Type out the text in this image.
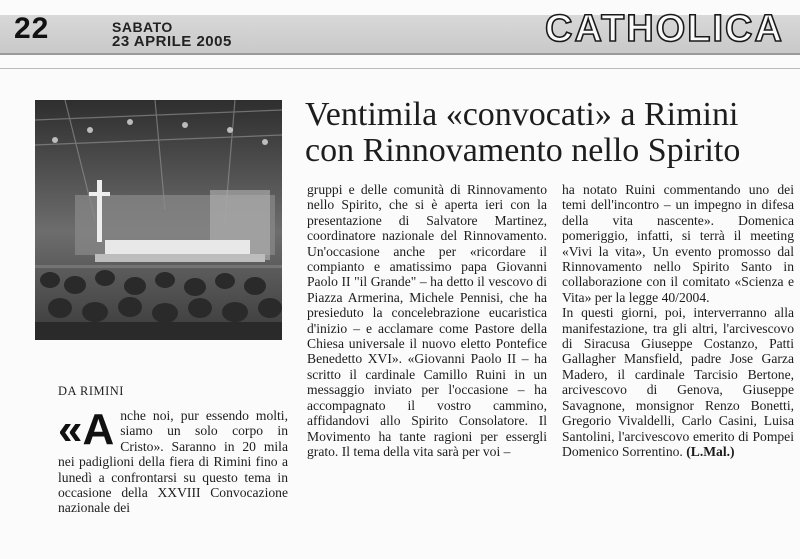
22	SABATO
23 APRILE 2005	CATHOLICA
DA RIMINI
Ventimila «convocati» a Rimini
con Rinnovamento nello Spirito
«Anche noi, pur essendo molti, siamo un solo corpo in Cristo». Saranno in 20 mila nei padiglioni della fiera di Rimini fino a lunedì a confrontarsi su questo tema in occasione della XXVIII Convocazione nazionale dei
gruppi e delle comunità di Rinnovamento nello Spirito, che si è aperta ieri con la presentazione di Salvatore Martinez, coordinatore nazionale del Rinnovamento. Un'occasione anche per «ricordare il compianto e amatissimo papa Giovanni Paolo II "il Grande" – ha detto il vescovo di Piazza Armerina, Michele Pennisi, che ha presieduto la concelebrazione eucaristica d'inizio – e acclamare come Pastore della Chiesa universale il nuovo eletto Pontefice Benedetto XVI». «Giovanni Paolo II – ha scritto il cardinale Camillo Ruini in un messaggio inviato per l'occasione – ha accompagnato il vostro cammino, affidandovi allo Spirito Consolatore. Il Movimento ha tante ragioni per essergli grato. Il tema della vita sarà per voi –
ha notato Ruini commentando uno dei temi dell'incontro – un impegno in difesa della vita nascente». Domenica pomeriggio, infatti, si terrà il meeting «Vivi la vita», Un evento promosso dal Rinnovamento nello Spirito Santo in collaborazione con il comitato «Scienza e Vita» per la legge 40/2004.
In questi giorni, poi, interverranno alla manifestazione, tra gli altri, l'arcivescovo di Siracusa Giuseppe Costanzo, Patti Gallagher Mansfield, padre Jose Garza Madero, il cardinale Tarcisio Bertone, arcivescovo di Genova, Giuseppe Savagnone, monsignor Renzo Bonetti, Gregorio Vivaldelli, Carlo Casini, Luisa Santolini, l'arcivescovo emerito di Pompei Domenico Sorrentino. (L.Mal.)
